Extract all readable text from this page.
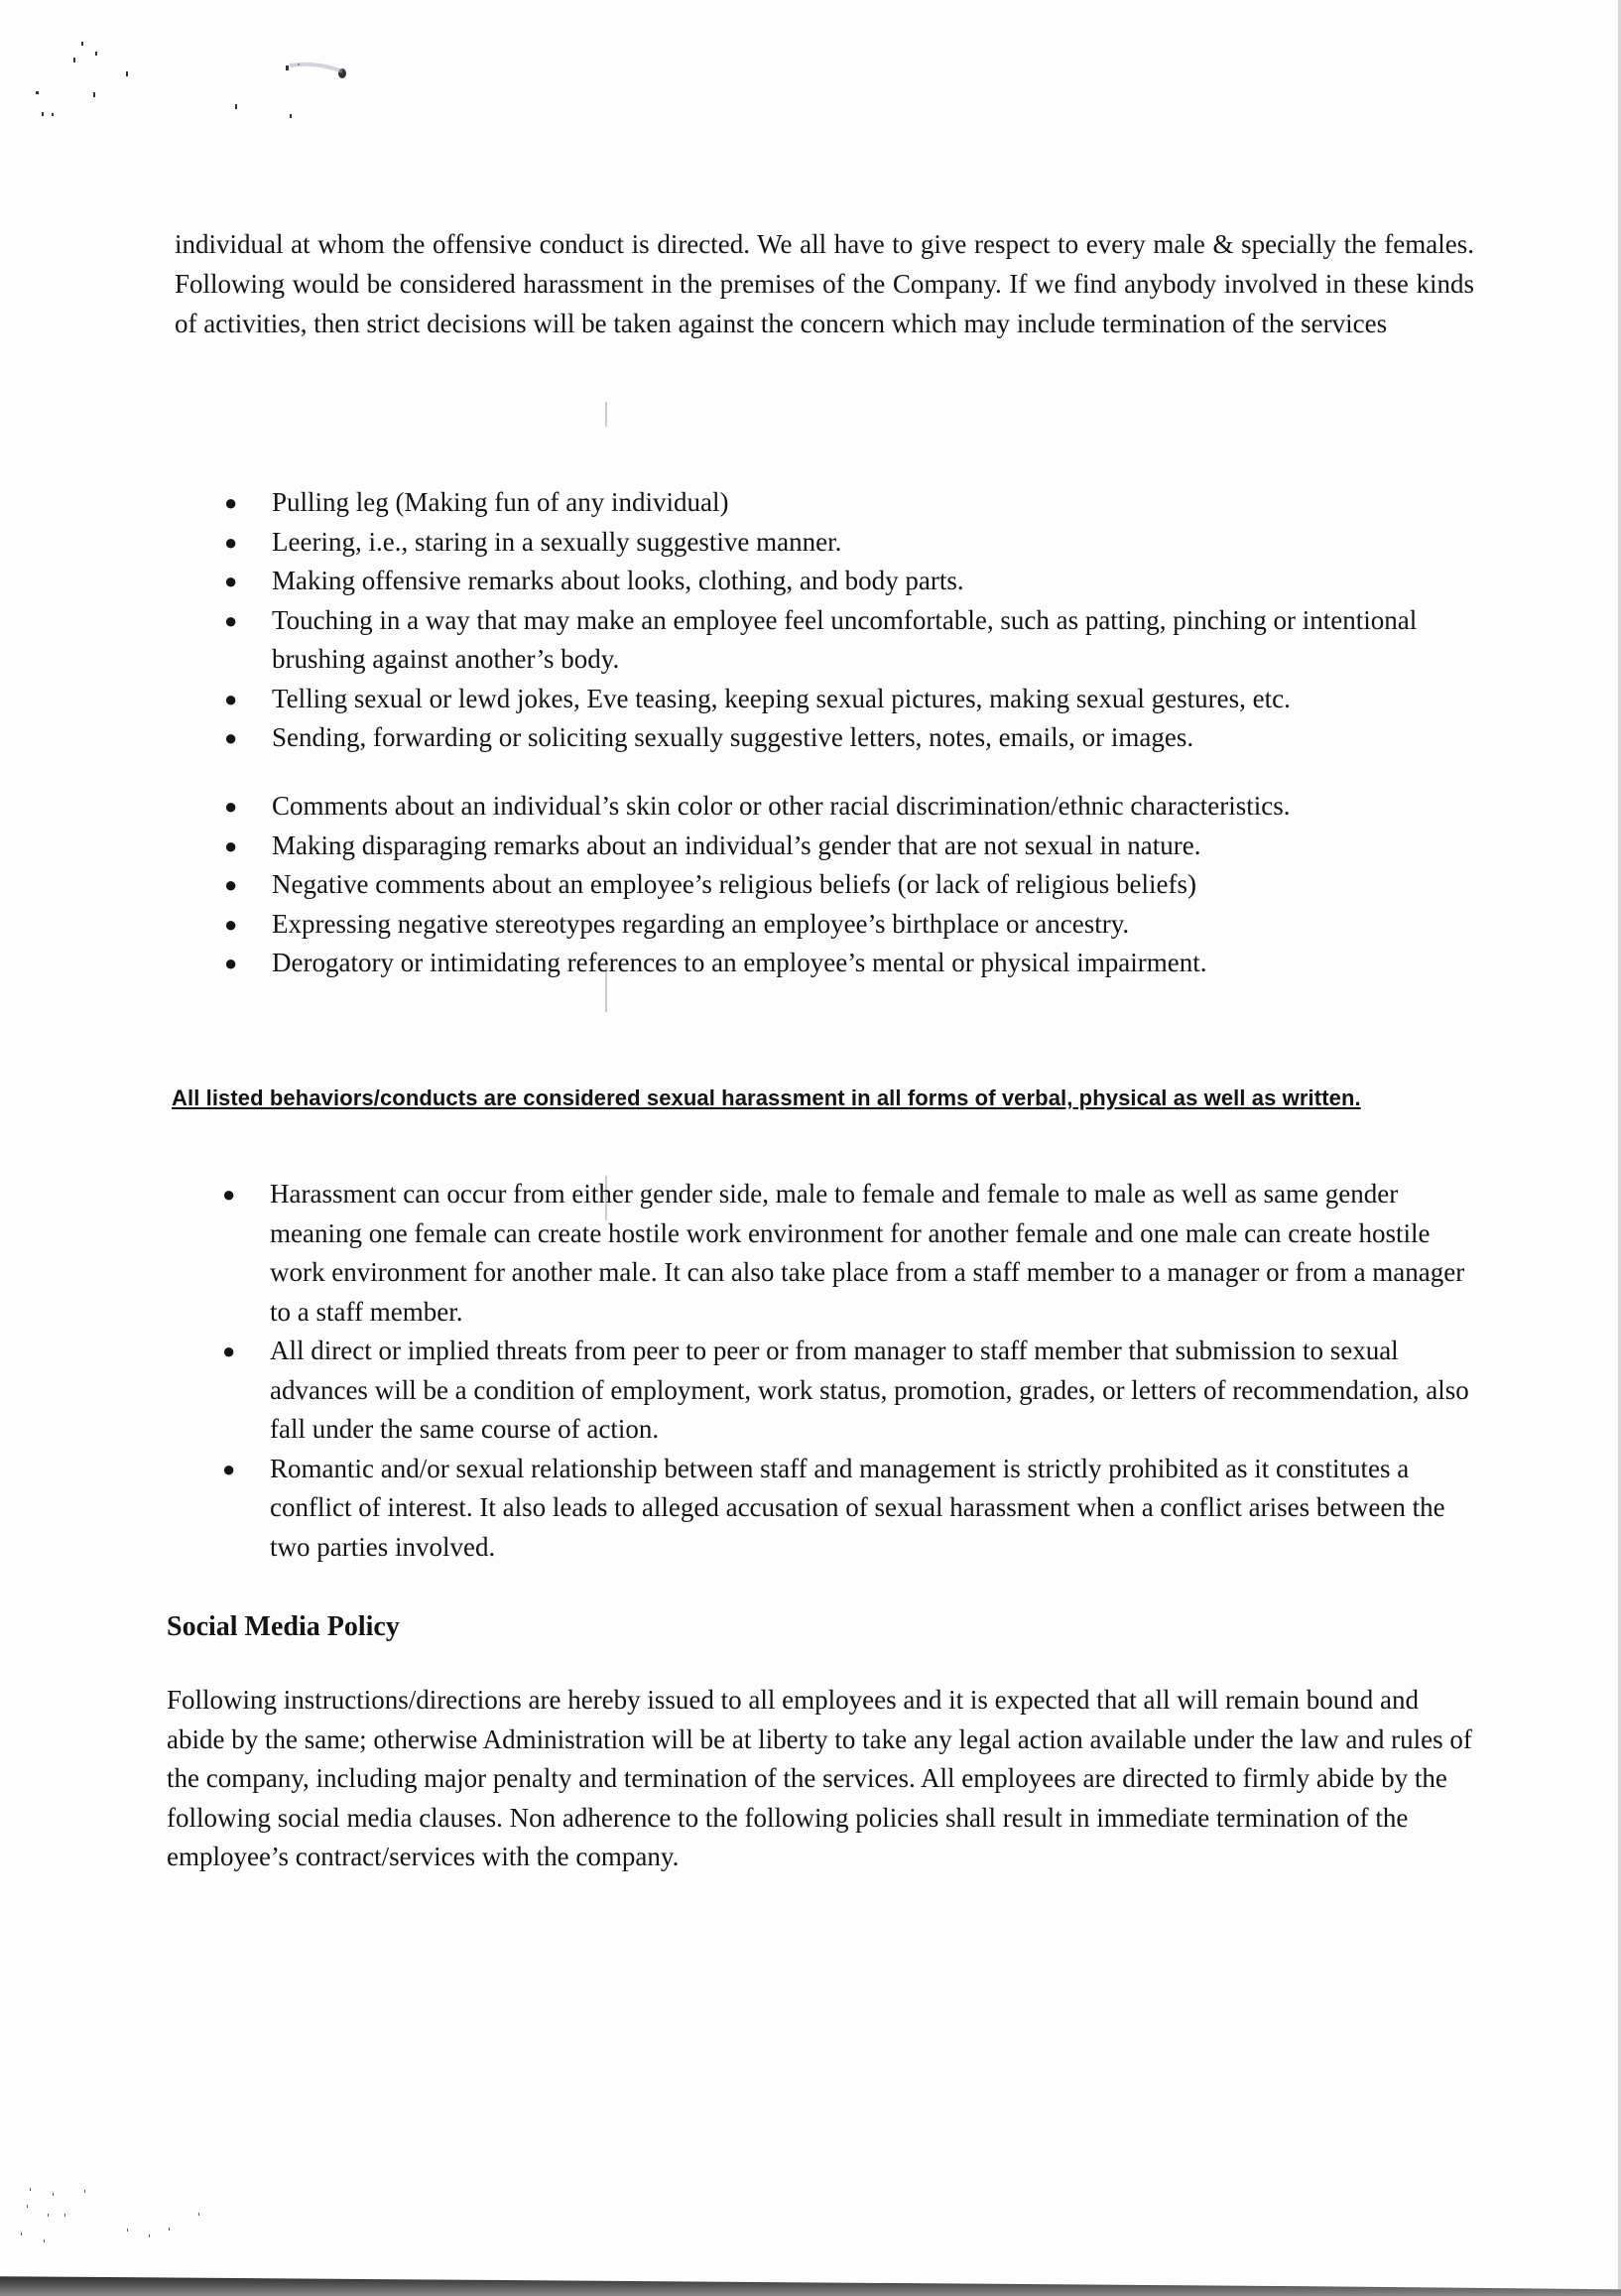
individual at whom the offensive conduct is directed. We all have to give respect to every male & specially the females. Following would be considered harassment in the premises of the Company. If we find anybody involved in these kinds of activities, then strict decisions will be taken against the concern which may include termination of the services

● Pulling leg (Making fun of any individual)
● Leering, i.e., staring in a sexually suggestive manner.
● Making offensive remarks about looks, clothing, and body parts.
● Touching in a way that may make an employee feel uncomfortable, such as patting, pinching or intentional brushing against another’s body.
● Telling sexual or lewd jokes, Eve teasing, keeping sexual pictures, making sexual gestures, etc.
● Sending, forwarding or soliciting sexually suggestive letters, notes, emails, or images.
● Comments about an individual’s skin color or other racial discrimination/ethnic characteristics.
● Making disparaging remarks about an individual’s gender that are not sexual in nature.
● Negative comments about an employee’s religious beliefs (or lack of religious beliefs)
● Expressing negative stereotypes regarding an employee’s birthplace or ancestry.
● Derogatory or intimidating references to an employee’s mental or physical impairment.

All listed behaviors/conducts are considered sexual harassment in all forms of verbal, physical as well as written.

● Harassment can occur from either gender side, male to female and female to male as well as same gender meaning one female can create hostile work environment for another female and one male can create hostile work environment for another male. It can also take place from a staff member to a manager or from a manager to a staff member.
● All direct or implied threats from peer to peer or from manager to staff member that submission to sexual advances will be a condition of employment, work status, promotion, grades, or letters of recommendation, also fall under the same course of action.
● Romantic and/or sexual relationship between staff and management is strictly prohibited as it constitutes a conflict of interest. It also leads to alleged accusation of sexual harassment when a conflict arises between the two parties involved.
Social Media Policy

Following instructions/directions are hereby issued to all employees and it is expected that all will remain bound and abide by the same; otherwise Administration will be at liberty to take any legal action available under the law and rules of the company, including major penalty and termination of the services. All employees are directed to firmly abide by the following social media clauses. Non adherence to the following policies shall result in immediate termination of the employee’s contract/services with the company.
